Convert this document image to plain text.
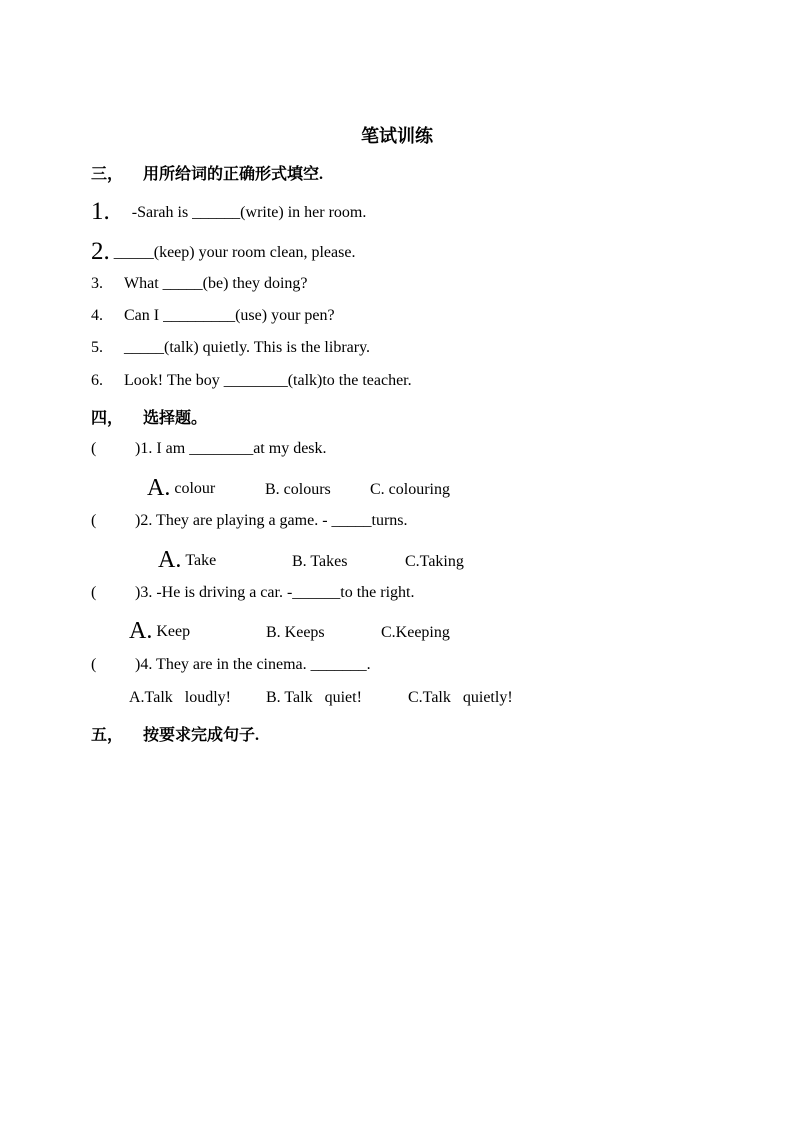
笔试训练
三， 用所给词的正确形式填空.
1. -Sarah is ______(write) in her room.
2. _____(keep) your room clean, please.
3. What _____(be) they doing?
4. Can I _________(use) your pen?
5. _____(talk) quietly. This is the library.
6. Look! The boy ________(talk)to the teacher.
四， 选择题。
( )1. I am ________at my desk.
A. colour	B. colours C. colouring
( )2. They are playing a game. - _____turns.
A. Take	B. Takes	C.Taking
( )3. -He is driving a car. -______to the right.
A. Keep	B. Keeps	C.Keeping
( )4. They are in the cinema. _______.
A.Talk   loudly! B. Talk   quiet!	C.Talk   quietly!
五， 按要求完成句子.
